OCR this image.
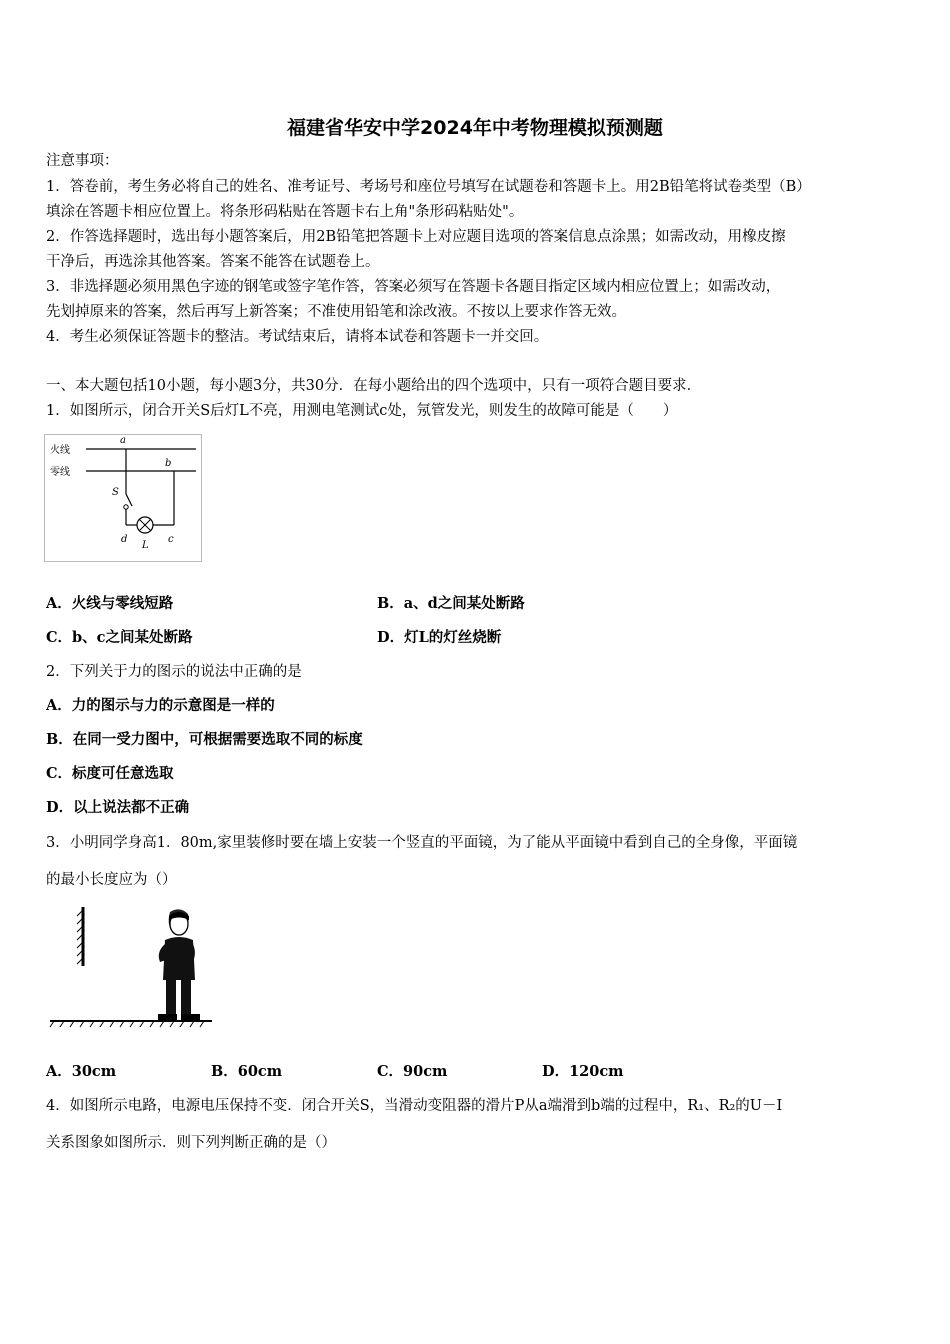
福建省华安中学2024年中考物理模拟预测题
注意事项：
1．答卷前，考生务必将自己的姓名、准考证号、考场号和座位号填写在试题卷和答题卡上。用2B铅笔将试卷类型（B）
填涂在答题卡相应位置上。将条形码粘贴在答题卡右上角"条形码粘贴处"。
2．作答选择题时，选出每小题答案后，用2B铅笔把答题卡上对应题目选项的答案信息点涂黑；如需改动，用橡皮擦
干净后，再选涂其他答案。答案不能答在试题卷上。
3．非选择题必须用黑色字迹的钢笔或签字笔作答，答案必须写在答题卡各题目指定区域内相应位置上；如需改动，
先划掉原来的答案，然后再写上新答案；不准使用铅笔和涂改液。不按以上要求作答无效。
4．考生必须保证答题卡的整洁。考试结束后，请将本试卷和答题卡一并交回。
一、本大题包括10小题，每小题3分，共30分．在每小题给出的四个选项中，只有一项符合题目要求．
1．如图所示，闭合开关S后灯L不亮，用测电笔测试c处，氖管发光，则发生的故障可能是（　　）
火线
零线
a
b
S
d
L
c
A．火线与零线短路	B．a、d之间某处断路
C．b、c之间某处断路	D．灯L的灯丝烧断
2．下列关于力的图示的说法中正确的是
A．力的图示与力的示意图是一样的
B．在同一受力图中，可根据需要选取不同的标度
C．标度可任意选取
D．以上说法都不正确
3．小明同学身高1．80m,家里装修时要在墙上安装一个竖直的平面镜，为了能从平面镜中看到自己的全身像，平面镜
的最小长度应为（）
A．30cm	B．60cm	C．90cm	D．120cm
4．如图所示电路，电源电压保持不变．闭合开关S，当滑动变阻器的滑片P从a端滑到b端的过程中，R₁、R₂的U－I
关系图象如图所示．则下列判断正确的是（）
